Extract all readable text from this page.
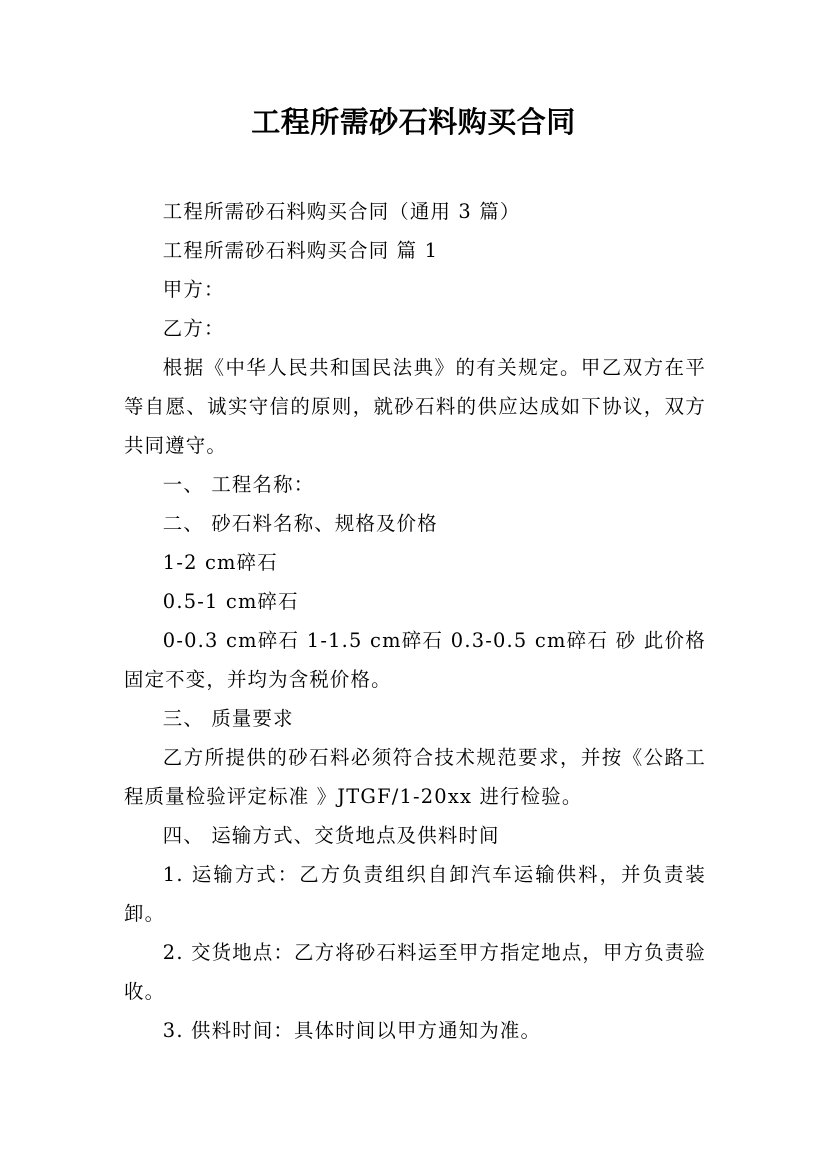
工程所需砂石料购买合同

工程所需砂石料购买合同（通用 3 篇）

工程所需砂石料购买合同 篇 1

甲方：

乙方：

根据《中华人民共和国民法典》的有关规定。甲乙双方在平等自愿、诚实守信的原则，就砂石料的供应达成如下协议，双方共同遵守。

一、 工程名称：

二、 砂石料名称、规格及价格

1-2 cm碎石

0.5-1 cm碎石

0-0.3 cm碎石 1-1.5 cm碎石 0.3-0.5 cm碎石 砂 此价格固定不变，并均为含税价格。

三、 质量要求

乙方所提供的砂石料必须符合技术规范要求，并按《公路工程质量检验评定标准 》JTGF/1-20xx 进行检验。

四、 运输方式、交货地点及供料时间

1. 运输方式：乙方负责组织自卸汽车运输供料，并负责装卸。

2. 交货地点：乙方将砂石料运至甲方指定地点，甲方负责验收。

3. 供料时间：具体时间以甲方通知为准。
